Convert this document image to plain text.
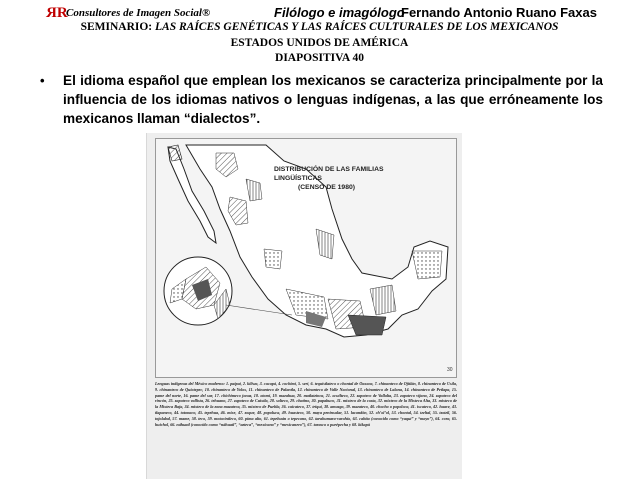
RR Consultores de Imagen Social®	Filólogo e imagólogo
Fernando Antonio Ruano Faxas
SEMINARIO: LAS RAÍCES GENÉTICAS Y LAS RAÍCES CULTURALES DE LOS MEXICANOS
ESTADOS UNIDOS DE AMÉRICA
DIAPOSITIVA 40
• El idioma español que emplean los mexicanos se caracteriza principalmente por la influencia de los idiomas nativos o lenguas indígenas, a las que erróneamente los mexicanos llaman “dialectos”.
DISTRIBUCIÓN DE LAS FAMILIAS LINGÜÍSTICAS
(CENSO DE 1980)
30
Lenguas indígenas del México moderno: 1. paipai, 2. kiliwa, 3. cucapá, 4. cochimí, 5. seri, 6. tequistlateco o chontal de Oaxaca, 7. chinanteco de Ojitlán, 8. chinanteco de Usila, 9. chinanteco de Quiotepec, 10. chinanteco de Yolox, 11. chinanteco de Palantla, 12. chinanteco de Valle Nacional, 13. chinanteco de Lalana, 14. chinanteco de Petlapa, 15. pame del norte, 16. pame del sur, 17. chichimeco jonaz, 18. otomí, 19. mazahua, 20. matlatzinca, 21. ocuilteco, 22. zapoteco de Vallalta, 23. zapoteco vijano, 24. zapoteco del rincón, 25. zapoteco vallista, 26. tehuano, 27. zapoteco de Cuixtla, 28. solteco, 29. chatino, 30. papabuco, 31. mixteco de la costa, 32. mixteco de la Mixteca Alta, 33. mixteco de la Mixteca Baja, 34. mixteco de la zona mazateca, 35. mixteco de Puebla, 36. cuicateco, 37. triqui, 38. amuzgo, 39. mazateco, 40. chocho o popoloca, 41. ixcateco, 42. huave, 43. tlapaneco, 44. totonaco, 45. tepehua, 46. mixe, 47. zoque, 48. popoluca, 49. huasteco, 50. maya peninsular, 51. lacandón, 52. chʼolʼol, 53. chontal, 54. tzeltal, 55. tzotzil, 56. tojolabal, 57. mame, 58. teco, 59. motocintleco, 60. pima alto, 61. tepehuán o tepecano, 62. tarahumara-varohío, 63. cahíta (conocido como “yaqui” y “mayo”), 64. cora, 65. huichol, 66. náhuatl (conocido como “náhuatl”, “azteca”, “mexicano” y “mexicanero”), 67. tarasco o purépecha y 68. kikapú
